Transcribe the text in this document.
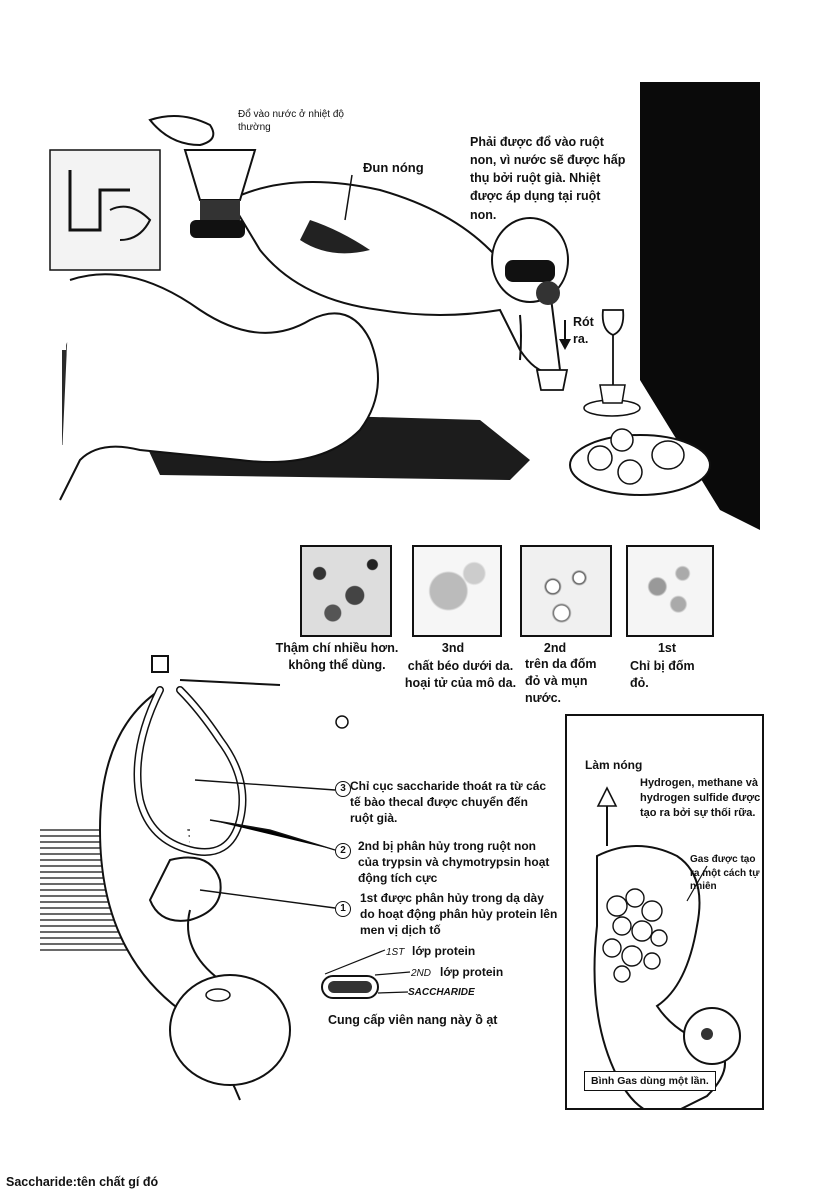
Đổ vào nước ở nhiệt độ thường
Đun nóng
Phải được đổ vào ruột non, vì nước sẽ được hấp thụ bởi ruột già. Nhiệt được áp dụng tại ruột non.
Rót ra.
Thậm chí nhiều hơn. không thể dùng.
3nd
chất béo dưới da. hoại tử của mô da.
2nd
trên da đốm đỏ và mụn nước.
1st
Chỉ bị đốm đỏ.
3
2
1
Chỉ cục saccharide thoát ra từ các tế bào thecal được chuyển đến ruột già.
2nd bị phân hủy trong ruột non của trypsin và chymotrypsin hoạt động tích cực
1st được phân hủy trong dạ dày do hoạt động phân hủy protein lên men vị dịch tố
1ST lớp protein
2ND lớp protein
SACCHARIDE
Cung cấp viên nang này ồ ạt
Làm nóng
Hydrogen, methane và hydrogen sulfide được tạo ra bởi sự thối rữa.
Gas được tạo ra một cách tự nhiên
Bình Gas dùng một lần.
Saccharide:tên chất gí đó
